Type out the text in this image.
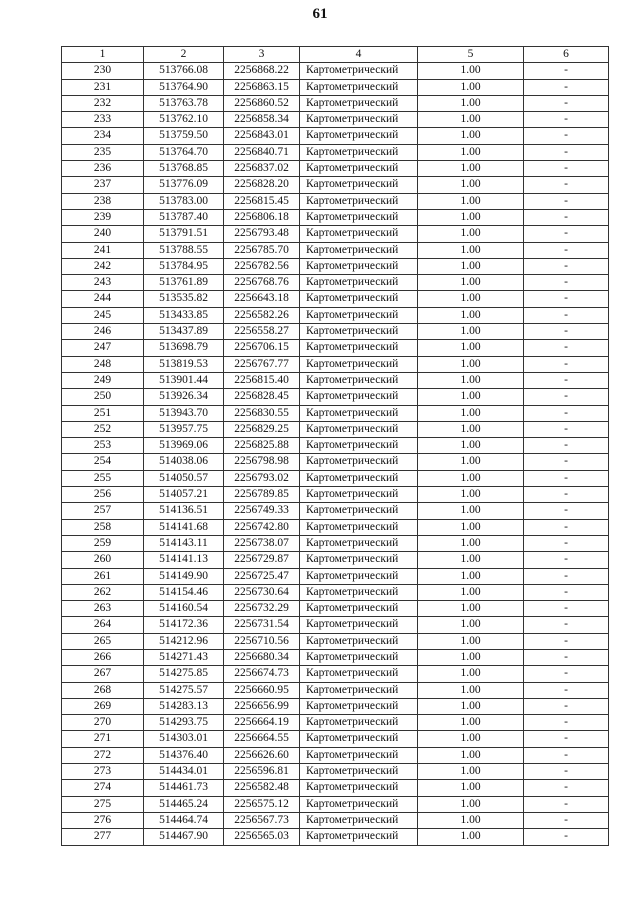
61
1	2	3	4	5	6
230	513766.08	2256868.22	Картометрический	1.00	-
231	513764.90	2256863.15	Картометрический	1.00	-
232	513763.78	2256860.52	Картометрический	1.00	-
233	513762.10	2256858.34	Картометрический	1.00	-
234	513759.50	2256843.01	Картометрический	1.00	-
235	513764.70	2256840.71	Картометрический	1.00	-
236	513768.85	2256837.02	Картометрический	1.00	-
237	513776.09	2256828.20	Картометрический	1.00	-
238	513783.00	2256815.45	Картометрический	1.00	-
239	513787.40	2256806.18	Картометрический	1.00	-
240	513791.51	2256793.48	Картометрический	1.00	-
241	513788.55	2256785.70	Картометрический	1.00	-
242	513784.95	2256782.56	Картометрический	1.00	-
243	513761.89	2256768.76	Картометрический	1.00	-
244	513535.82	2256643.18	Картометрический	1.00	-
245	513433.85	2256582.26	Картометрический	1.00	-
246	513437.89	2256558.27	Картометрический	1.00	-
247	513698.79	2256706.15	Картометрический	1.00	-
248	513819.53	2256767.77	Картометрический	1.00	-
249	513901.44	2256815.40	Картометрический	1.00	-
250	513926.34	2256828.45	Картометрический	1.00	-
251	513943.70	2256830.55	Картометрический	1.00	-
252	513957.75	2256829.25	Картометрический	1.00	-
253	513969.06	2256825.88	Картометрический	1.00	-
254	514038.06	2256798.98	Картометрический	1.00	-
255	514050.57	2256793.02	Картометрический	1.00	-
256	514057.21	2256789.85	Картометрический	1.00	-
257	514136.51	2256749.33	Картометрический	1.00	-
258	514141.68	2256742.80	Картометрический	1.00	-
259	514143.11	2256738.07	Картометрический	1.00	-
260	514141.13	2256729.87	Картометрический	1.00	-
261	514149.90	2256725.47	Картометрический	1.00	-
262	514154.46	2256730.64	Картометрический	1.00	-
263	514160.54	2256732.29	Картометрический	1.00	-
264	514172.36	2256731.54	Картометрический	1.00	-
265	514212.96	2256710.56	Картометрический	1.00	-
266	514271.43	2256680.34	Картометрический	1.00	-
267	514275.85	2256674.73	Картометрический	1.00	-
268	514275.57	2256660.95	Картометрический	1.00	-
269	514283.13	2256656.99	Картометрический	1.00	-
270	514293.75	2256664.19	Картометрический	1.00	-
271	514303.01	2256664.55	Картометрический	1.00	-
272	514376.40	2256626.60	Картометрический	1.00	-
273	514434.01	2256596.81	Картометрический	1.00	-
274	514461.73	2256582.48	Картометрический	1.00	-
275	514465.24	2256575.12	Картометрический	1.00	-
276	514464.74	2256567.73	Картометрический	1.00	-
277	514467.90	2256565.03	Картометрический	1.00	-
